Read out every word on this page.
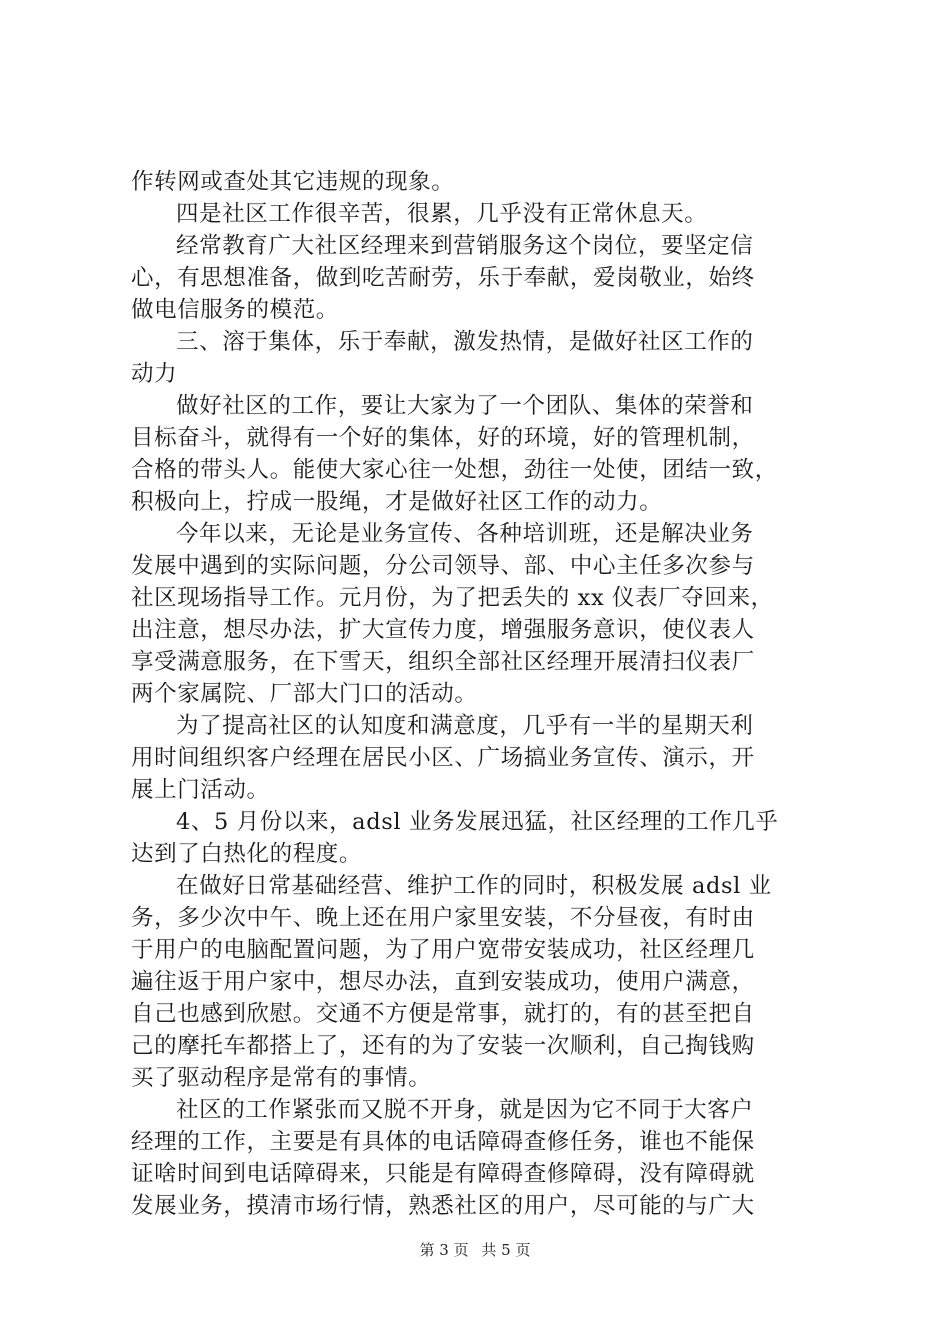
作转网或查处其它违规的现象。
四是社区工作很辛苦，很累，几乎没有正常休息天。
经常教育广大社区经理来到营销服务这个岗位，要坚定信
心，有思想准备，做到吃苦耐劳，乐于奉献，爱岗敬业，始终
做电信服务的模范。
三、溶于集体，乐于奉献，激发热情，是做好社区工作的
动力
做好社区的工作，要让大家为了一个团队、集体的荣誉和
目标奋斗，就得有一个好的集体，好的环境，好的管理机制，
合格的带头人。能使大家心往一处想，劲往一处使，团结一致，
积极向上，拧成一股绳，才是做好社区工作的动力。
今年以来，无论是业务宣传、各种培训班，还是解决业务
发展中遇到的实际问题，分公司领导、部、中心主任多次参与
社区现场指导工作。元月份，为了把丢失的 xx 仪表厂夺回来，
出注意，想尽办法，扩大宣传力度，增强服务意识，使仪表人
享受满意服务，在下雪天，组织全部社区经理开展清扫仪表厂
两个家属院、厂部大门口的活动。
为了提高社区的认知度和满意度，几乎有一半的星期天利
用时间组织客户经理在居民小区、广场搞业务宣传、演示，开
展上门活动。
4、5 月份以来，adsl 业务发展迅猛，社区经理的工作几乎
达到了白热化的程度。
在做好日常基础经营、维护工作的同时，积极发展 adsl 业
务，多少次中午、晚上还在用户家里安装，不分昼夜，有时由
于用户的电脑配置问题，为了用户宽带安装成功，社区经理几
遍往返于用户家中，想尽办法，直到安装成功，使用户满意，
自己也感到欣慰。交通不方便是常事，就打的，有的甚至把自
己的摩托车都搭上了，还有的为了安装一次顺利，自己掏钱购
买了驱动程序是常有的事情。
社区的工作紧张而又脱不开身，就是因为它不同于大客户
经理的工作，主要是有具体的电话障碍查修任务，谁也不能保
证啥时间到电话障碍来，只能是有障碍查修障碍，没有障碍就
发展业务，摸清市场行情，熟悉社区的用户，尽可能的与广大
第 3 页 共 5 页
